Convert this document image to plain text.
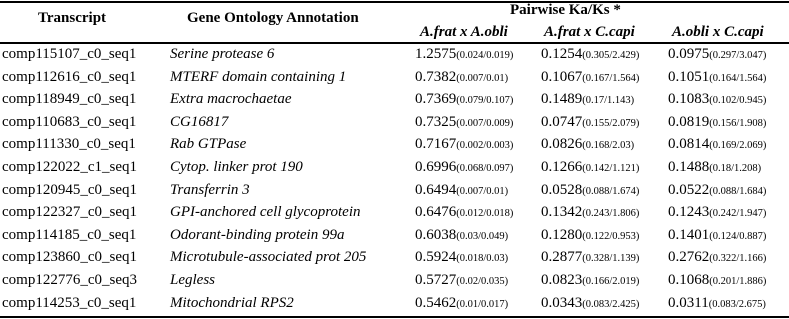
Transcript	Gene Ontology Annotation	Pairwise Ka/Ks *
A.frat x A.obli A.frat x C.capi A.obli x C.capi
comp115107_c0_seq1 Serine protease 6	1.2575(0.024/0.019) 0.1254(0.305/2.429) 0.0975(0.297/3.047)
comp112616_c0_seq1 MTERF domain containing 1	0.7382(0.007/0.01) 0.1067(0.167/1.564) 0.1051(0.164/1.564)
comp118949_c0_seq1 Extra macrochaetae	0.7369(0.079/0.107) 0.1489(0.17/1.143) 0.1083(0.102/0.945)
comp110683_c0_seq1 CG16817	0.7325(0.007/0.009) 0.0747(0.155/2.079) 0.0819(0.156/1.908)
comp111330_c0_seq1 Rab GTPase	0.7167(0.002/0.003) 0.0826(0.168/2.03) 0.0814(0.169/2.069)
comp122022_c1_seq1 Cytop. linker prot 190	0.6996(0.068/0.097) 0.1266(0.142/1.121) 0.1488(0.18/1.208)
comp120945_c0_seq1 Transferrin 3	0.6494(0.007/0.01) 0.0528(0.088/1.674) 0.0522(0.088/1.684)
comp122327_c0_seq1 GPI-anchored cell glycoprotein	0.6476(0.012/0.018) 0.1342(0.243/1.806) 0.1243(0.242/1.947)
comp114185_c0_seq1 Odorant-binding protein 99a	0.6038(0.03/0.049) 0.1280(0.122/0.953) 0.1401(0.124/0.887)
comp123860_c0_seq1 Microtubule-associated prot 205	0.5924(0.018/0.03) 0.2877(0.328/1.139) 0.2762(0.322/1.166)
comp122776_c0_seq3 Legless	0.5727(0.02/0.035) 0.0823(0.166/2.019) 0.1068(0.201/1.886)
comp114253_c0_seq1 Mitochondrial RPS2	0.5462(0.01/0.017) 0.0343(0.083/2.425) 0.0311(0.083/2.675)
